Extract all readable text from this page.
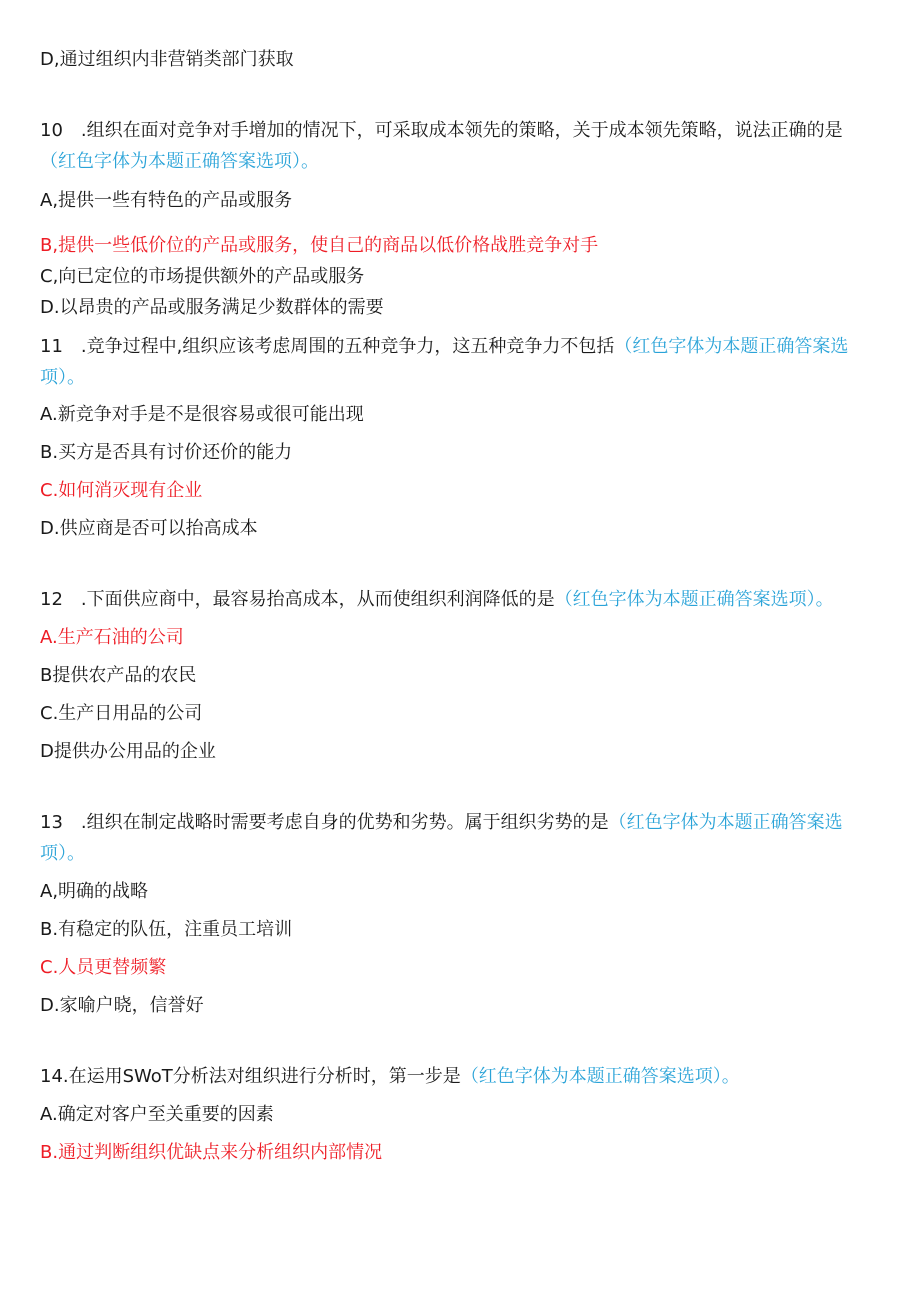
D,通过组织内非营销类部门获取
10　.组织在面对竞争对手增加的情况下，可采取成本领先的策略，关于成本领先策略，说法正确的是（红色字体为本题正确答案选项）。
A,提供一些有特色的产品或服务
B,提供一些低价位的产品或服务，使自己的商品以低价格战胜竞争对手
C,向已定位的市场提供额外的产品或服务
D.以昂贵的产品或服务满足少数群体的需要
11　.竞争过程中,组织应该考虑周围的五种竞争力，这五种竞争力不包括（红色字体为本题正确答案选项）。
A.新竞争对手是不是很容易或很可能出现
B.买方是否具有讨价还价的能力
C.如何消灭现有企业
D.供应商是否可以抬高成本
12　.下面供应商中，最容易抬高成本，从而使组织利润降低的是（红色字体为本题正确答案选项）。
A.生产石油的公司
B提供农产品的农民
C.生产日用品的公司
D提供办公用品的企业
13　.组织在制定战略时需要考虑自身的优势和劣势。属于组织劣势的是（红色字体为本题正确答案选项）。
A,明确的战略
B.有稳定的队伍，注重员工培训
C.人员更替频繁
D.家喻户晓，信誉好
14.在运用SWoT分析法对组织进行分析时，第一步是（红色字体为本题正确答案选项）。
A.确定对客户至关重要的因素
B.通过判断组织优缺点来分析组织内部情况
